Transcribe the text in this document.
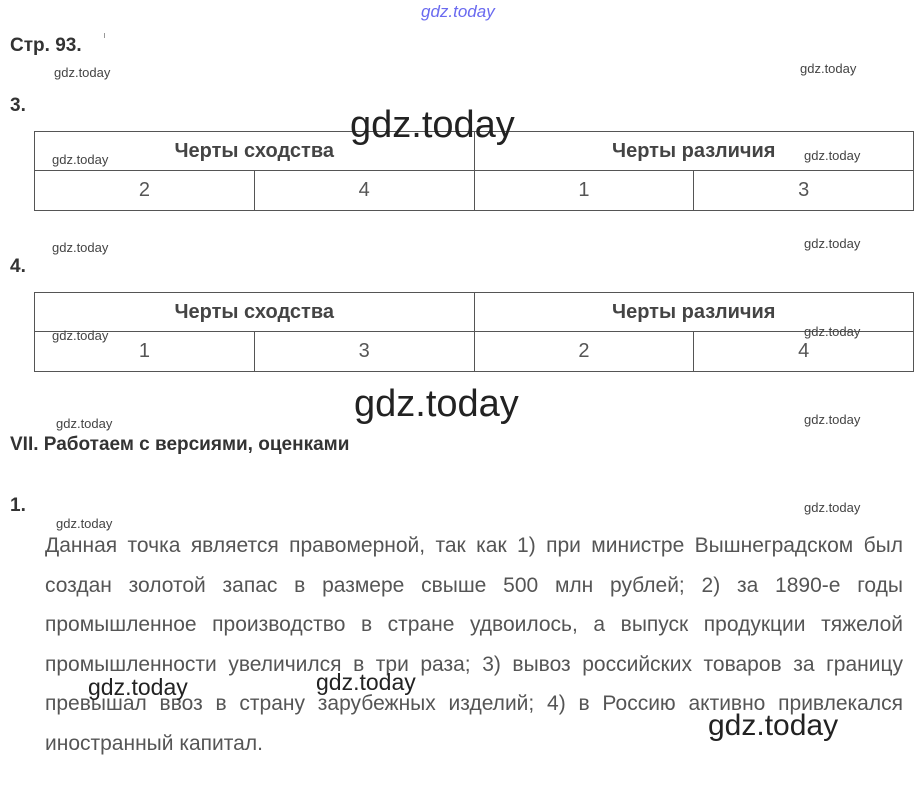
gdz.today
Стр. 93.
3.
Черты сходства		Черты различия	
2	4	1	3
4.
Черты сходства		Черты различия	
1	3	2	4
VII. Работаем с версиями, оценками
1.
Данная точка является правомерной, так как 1) при министре Вышнеградском был создан золотой запас в размере свыше 500 млн рублей; 2) за 1890-е годы промышленное производство в стране удвоилось, а выпуск продукции тяжелой промышленности увеличился в три раза; 3) вывоз российских товаров за границу превышал ввоз в страну зарубежных изделий; 4) в Россию активно привлекался иностранный капитал.
gdz.today	gdz.today
gdz.today
gdz.today	gdz.today
gdz.today	gdz.today
gdz.today	gdz.today
gdz.today
gdz.today	gdz.today
gdz.today
gdz.today
gdz.today	gdz.today
gdz.today
